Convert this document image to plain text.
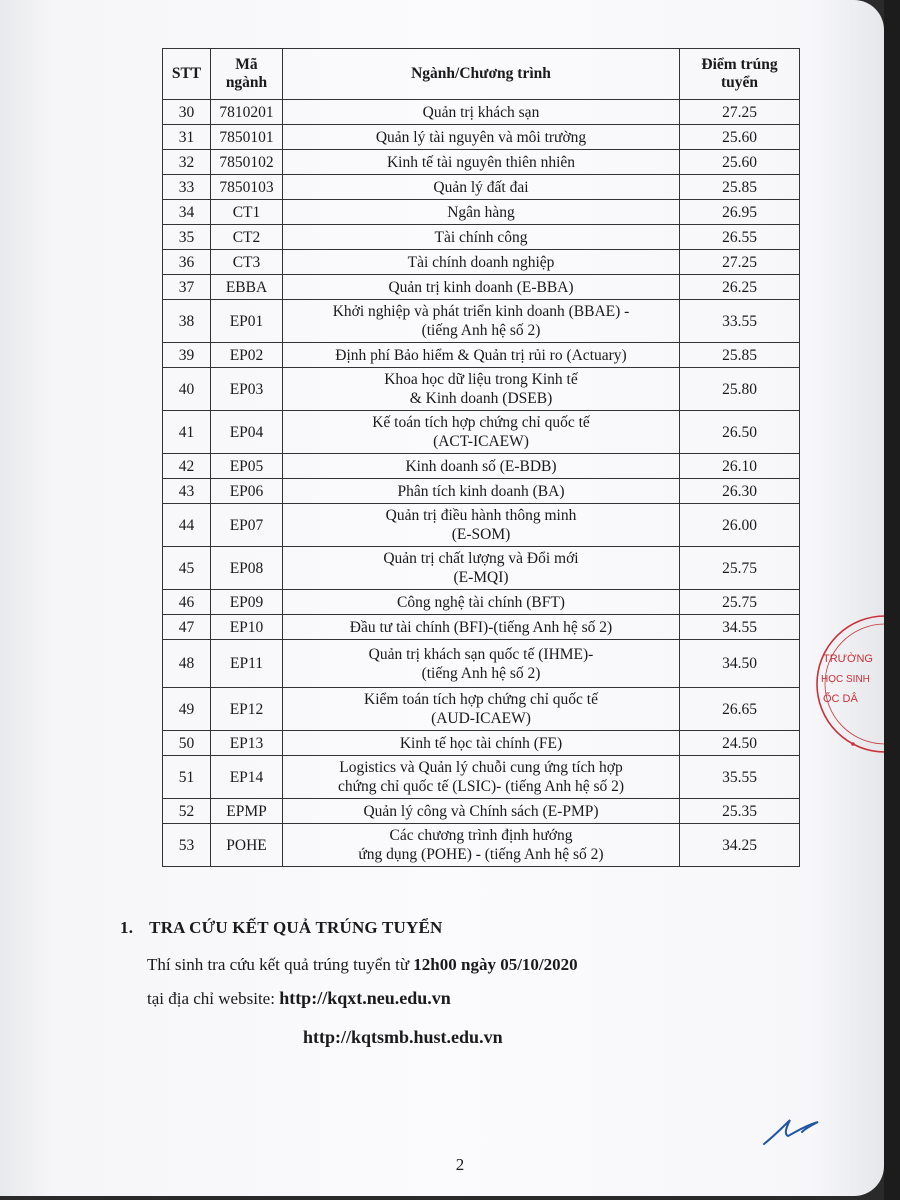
STT	Mã ngành	Ngành/Chương trình	Điểm trúng tuyển
30	7810201	Quản trị khách sạn	27.25
31	7850101	Quản lý tài nguyên và môi trường	25.60
32	7850102	Kinh tế tài nguyên thiên nhiên	25.60
33	7850103	Quản lý đất đai	25.85
34	CT1	Ngân hàng	26.95
35	CT2	Tài chính công	26.55
36	CT3	Tài chính doanh nghiệp	27.25
37	EBBA	Quản trị kinh doanh (E-BBA)	26.25
38	EP01	Khởi nghiệp và phát triển kinh doanh (BBAE) -
(tiếng Anh hệ số 2)	33.55
39	EP02	Định phí Bảo hiểm & Quản trị rủi ro (Actuary)	25.85
40	EP03	Khoa học dữ liệu trong Kinh tế
& Kinh doanh (DSEB)	25.80
41	EP04	Kế toán tích hợp chứng chỉ quốc tế
(ACT-ICAEW)	26.50
42	EP05	Kinh doanh số (E-BDB)	26.10
43	EP06	Phân tích kinh doanh (BA)	26.30
44	EP07	Quản trị điều hành thông minh
(E-SOM)	26.00
45	EP08	Quản trị chất lượng và Đổi mới
(E-MQI)	25.75
46	EP09	Công nghệ tài chính (BFT)	25.75
47	EP10	Đầu tư tài chính (BFI)-(tiếng Anh hệ số 2)	34.55
48	EP11	Quản trị khách sạn quốc tế (IHME)-
(tiếng Anh hệ số 2)	34.50
49	EP12	Kiểm toán tích hợp chứng chỉ quốc tế
(AUD-ICAEW)	26.65
50	EP13	Kinh tế học tài chính (FE)	24.50
51	EP14	Logistics và Quản lý chuỗi cung ứng tích hợp
chứng chỉ quốc tế (LSIC)- (tiếng Anh hệ số 2)	35.55
52	EPMP	Quản lý công và Chính sách (E-PMP)	25.35
53	POHE	Các chương trình định hướng
ứng dụng (POHE) - (tiếng Anh hệ số 2)	34.25
1. TRA CỨU KẾT QUẢ TRÚNG TUYỂN
Thí sinh tra cứu kết quả trúng tuyển từ 12h00 ngày 05/10/2020
tại địa chỉ website: http://kqxt.neu.edu.vn
http://kqtsmb.hust.edu.vn
TRƯỜNG
HỌC SINH
ỐC DÂ
2
